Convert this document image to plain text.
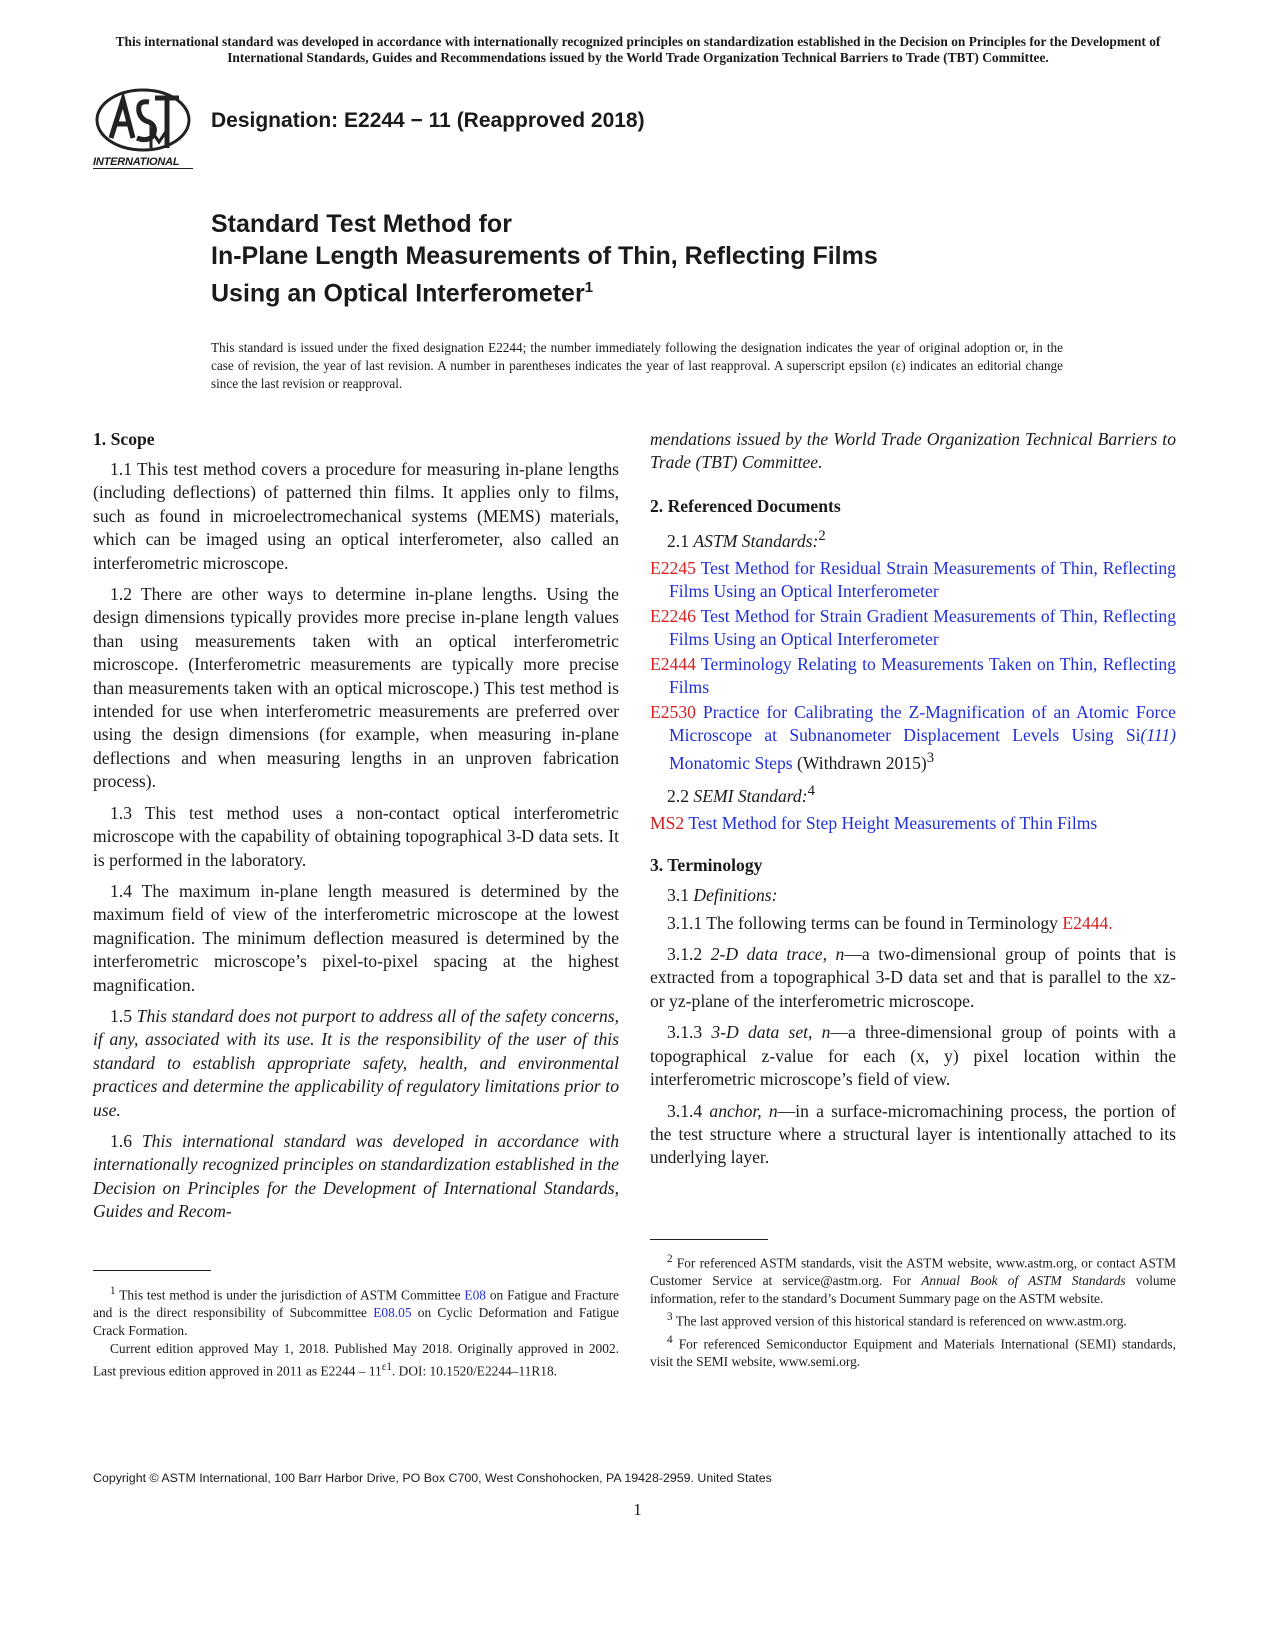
This international standard was developed in accordance with internationally recognized principles on standardization established in the Decision on Principles for the Development of International Standards, Guides and Recommendations issued by the World Trade Organization Technical Barriers to Trade (TBT) Committee.
INTERNATIONAL
Designation: E2244 − 11 (Reapproved 2018)
Standard Test Method for
In-Plane Length Measurements of Thin, Reflecting Films
Using an Optical Interferometer$^1$
This standard is issued under the fixed designation E2244; the number immediately following the designation indicates the year of original adoption or, in the case of revision, the year of last revision. A number in parentheses indicates the year of last reapproval. A superscript epsilon (ε) indicates an editorial change since the last revision or reapproval.
1. Scope

1.1 This test method covers a procedure for measuring in-plane lengths (including deflections) of patterned thin films. It applies only to films, such as found in microelectromechanical systems (MEMS) materials, which can be imaged using an optical interferometer, also called an interferometric microscope.

1.2 There are other ways to determine in-plane lengths. Using the design dimensions typically provides more precise in-plane length values than using measurements taken with an optical interferometric microscope. (Interferometric measurements are typically more precise than measurements taken with an optical microscope.) This test method is intended for use when interferometric measurements are preferred over using the design dimensions (for example, when measuring in-plane deflections and when measuring lengths in an unproven fabrication process).

1.3 This test method uses a non-contact optical interferometric microscope with the capability of obtaining topographical 3-D data sets. It is performed in the laboratory.

1.4 The maximum in-plane length measured is determined by the maximum field of view of the interferometric microscope at the lowest magnification. The minimum deflection measured is determined by the interferometric microscope’s pixel-to-pixel spacing at the highest magnification.

1.5 This standard does not purport to address all of the safety concerns, if any, associated with its use. It is the responsibility of the user of this standard to establish appropriate safety, health, and environmental practices and determine the applicability of regulatory limitations prior to use.

1.6 This international standard was developed in accordance with internationally recognized principles on standardization established in the Decision on Principles for the Development of International Standards, Guides and Recom-

mendations issued by the World Trade Organization Technical Barriers to Trade (TBT) Committee.

2. Referenced Documents

2.1 ASTM Standards:$^2$

E2245 Test Method for Residual Strain Measurements of Thin, Reflecting Films Using an Optical Interferometer
E2246 Test Method for Strain Gradient Measurements of Thin, Reflecting Films Using an Optical Interferometer
E2444 Terminology Relating to Measurements Taken on Thin, Reflecting Films
E2530 Practice for Calibrating the Z-Magnification of an Atomic Force Microscope at Subnanometer Displacement Levels Using Si(111) Monatomic Steps (Withdrawn 2015)$^3$

2.2 SEMI Standard:$^4$

MS2 Test Method for Step Height Measurements of Thin Films
3. Terminology

3.1 Definitions:

3.1.1 The following terms can be found in Terminology E2444.

3.1.2 2-D data trace, n—a two-dimensional group of points that is extracted from a topographical 3-D data set and that is parallel to the xz- or yz-plane of the interferometric microscope.

3.1.3 3-D data set, n—a three-dimensional group of points with a topographical z-value for each (x, y) pixel location within the interferometric microscope’s field of view.

3.1.4 anchor, n—in a surface-micromachining process, the portion of the test structure where a structural layer is intentionally attached to its underlying layer.

$^1$ This test method is under the jurisdiction of ASTM Committee E08 on Fatigue and Fracture and is the direct responsibility of Subcommittee E08.05 on Cyclic Deformation and Fatigue Crack Formation.

Current edition approved May 1, 2018. Published May 2018. Originally approved in 2002. Last previous edition approved in 2011 as $E2244 - 11^{\varepsilon 1}$. DOI: 10.1520/E2244–11R18.

$^2$ For referenced ASTM standards, visit the ASTM website, www.astm.org, or contact ASTM Customer Service at service@astm.org. For Annual Book of ASTM Standards volume information, refer to the standard’s Document Summary page on the ASTM website.

$^3$ The last approved version of this historical standard is referenced on www.astm.org.

$^4$ For referenced Semiconductor Equipment and Materials International (SEMI) standards, visit the SEMI website, www.semi.org.

Copyright © ASTM International, 100 Barr Harbor Drive, PO Box C700, West Conshohocken, PA 19428-2959. United States
1
